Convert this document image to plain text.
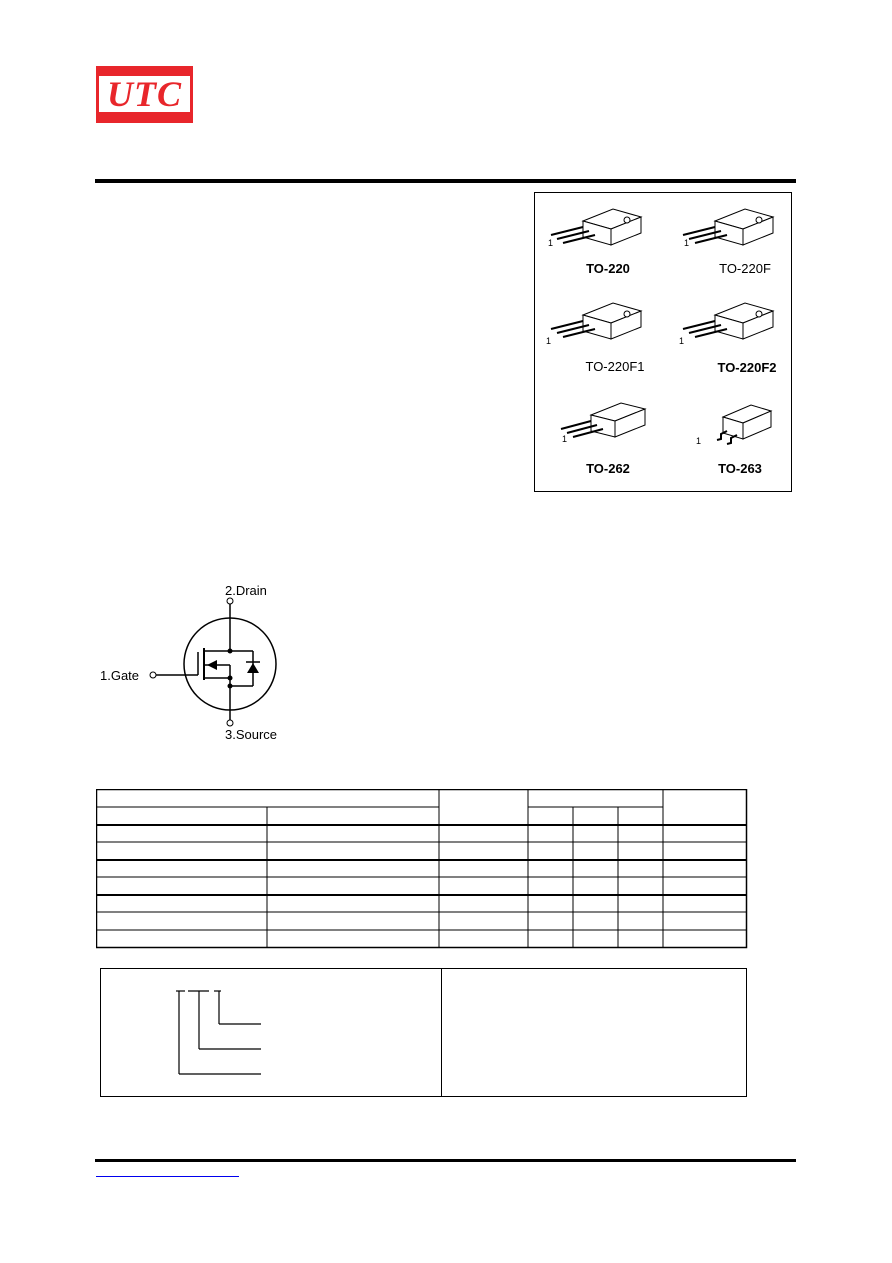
UTC
1	1
1	1
1	1
TO-220	TO-220F
TO-220F1	TO-220F2
TO-262	TO-263
2.Drain
1.Gate
3.Source
